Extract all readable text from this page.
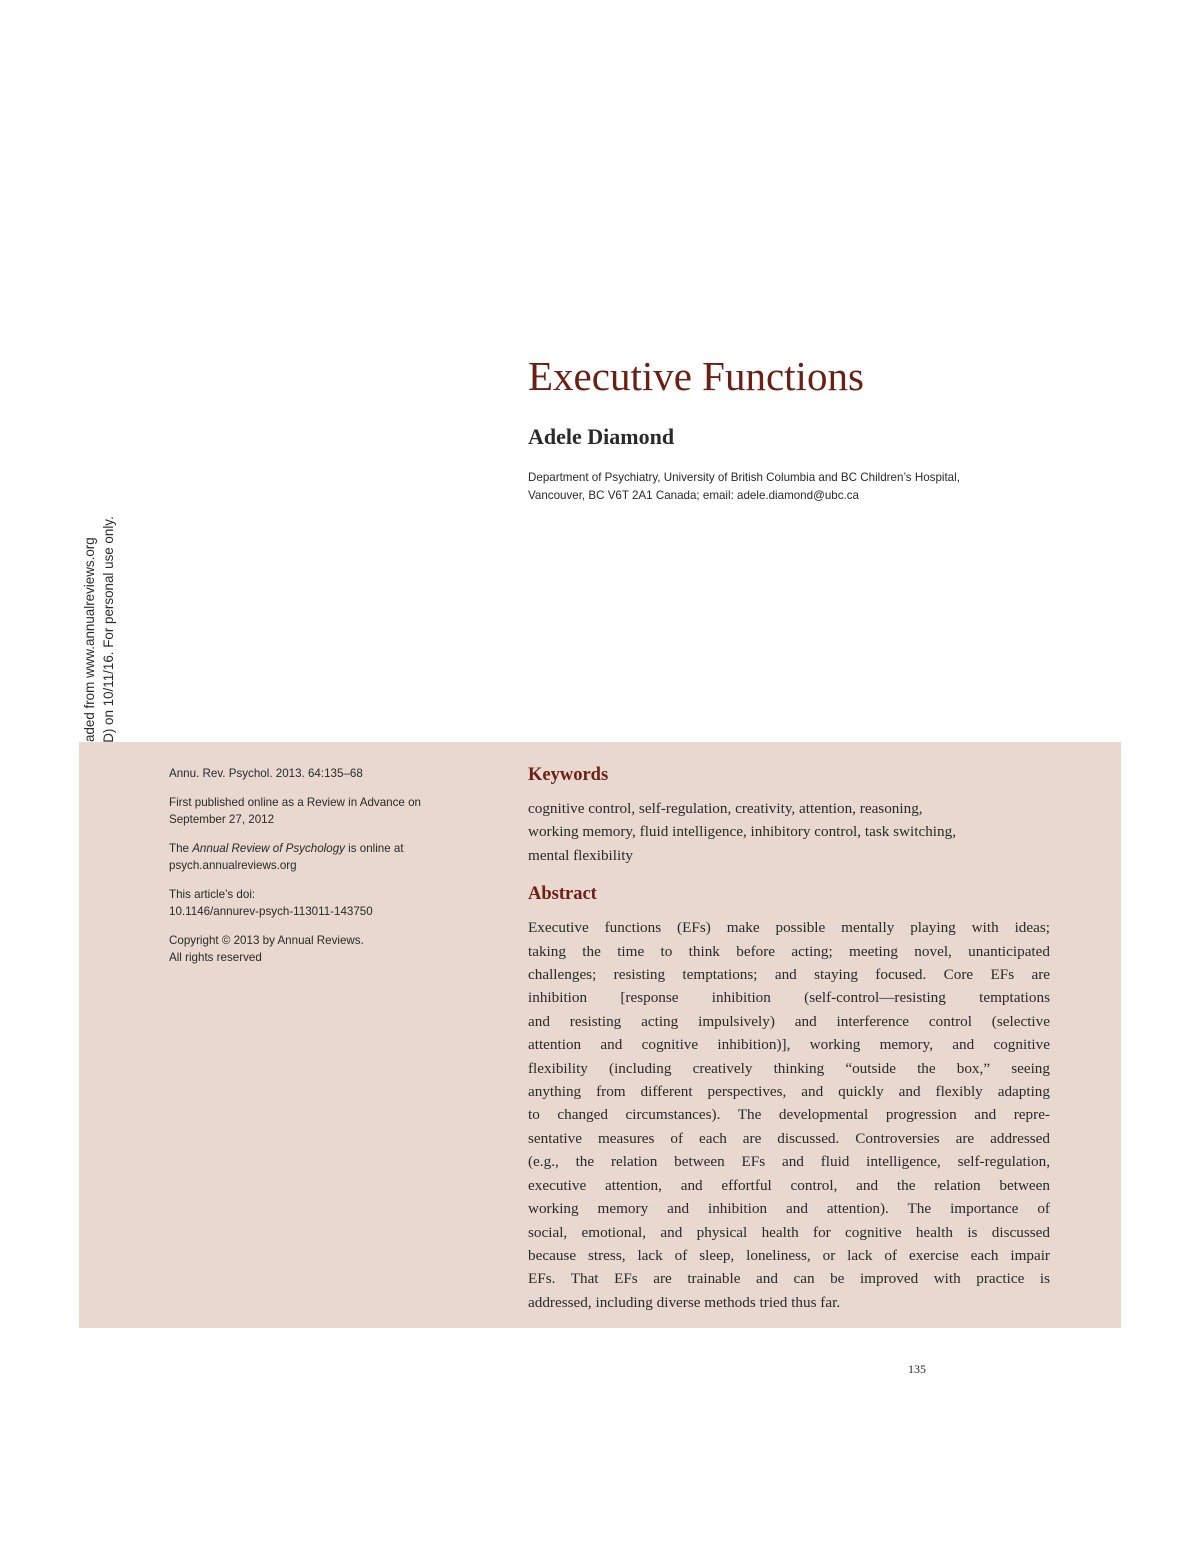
Executive Functions
Adele Diamond
Department of Psychiatry, University of British Columbia and BC Children’s Hospital,
Vancouver, BC V6T 2A1 Canada; email: adele.diamond@ubc.ca
Annu. Rev. Psychol. 2013. 64:135–68
First published online as a Review in Advance on
September 27, 2012
The Annual Review of Psychology is online at
psych.annualreviews.org
This article’s doi:
10.1146/annurev-psych-113011-143750
Copyright © 2013 by Annual Reviews.
All rights reserved
Keywords
cognitive control, self-regulation, creativity, attention, reasoning,
working memory, fluid intelligence, inhibitory control, task switching,
mental flexibility
Abstract
Executive functions (EFs) make possible mentally playing with ideas;
taking the time to think before acting; meeting novel, unanticipated
challenges; resisting temptations; and staying focused. Core EFs are
inhibition [response inhibition (self-control—resisting temptations
and resisting acting impulsively) and interference control (selective
attention and cognitive inhibition)], working memory, and cognitive
flexibility (including creatively thinking “outside the box,” seeing
anything from different perspectives, and quickly and flexibly adapting
to changed circumstances). The developmental progression and repre-
sentative measures of each are discussed. Controversies are addressed
(e.g., the relation between EFs and fluid intelligence, self-regulation,
executive attention, and effortful control, and the relation between
working memory and inhibition and attention). The importance of
social, emotional, and physical health for cognitive health is discussed
because stress, lack of sleep, loneliness, or lack of exercise each impair
EFs. That EFs are trainable and can be improved with practice is
addressed, including diverse methods tried thus far.
135
